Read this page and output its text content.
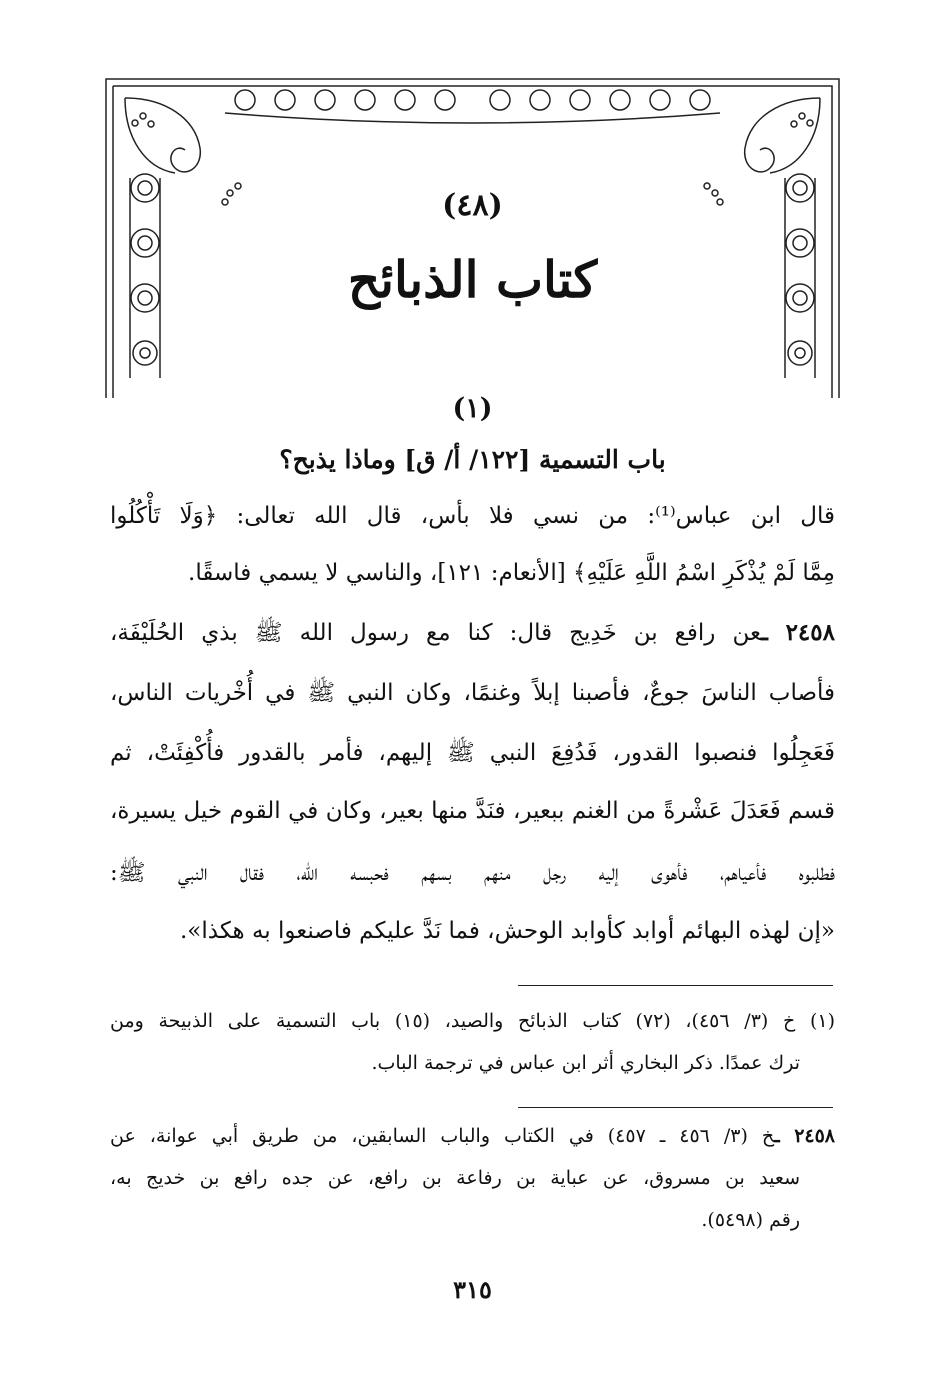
(٤٨)
كتاب الذبائح
(١)
باب التسمية [١٢٢/ أ/ ق] وماذا يذبح؟
قال ابن عباس⁽¹⁾: من نسي فلا بأس، قال الله تعالى: ﴿وَلَا تَأْكُلُوا
مِمَّا لَمْ يُذْكَرِ اسْمُ اللَّهِ عَلَيْهِ﴾ [الأنعام: ١٢١]، والناسي لا يسمي فاسقًا.
٢٤٥٨ ـعن رافع بن خَدِيج قال: كنا مع رسول الله ﷺ بذي الحُلَيْفَة،
فأصاب الناسَ جوعٌ، فأصبنا إبلاً وغنمًا، وكان النبي ﷺ في أُخْريات الناس،
فَعَجِلُوا فنصبوا القدور، فَدُفِعَ النبي ﷺ إليهم، فأمر بالقدور فأُكْفِئَتْ، ثم
قسم فَعَدَلَ عَشْرةً من الغنم ببعير، فنَدَّ منها بعير، وكان في القوم خيل يسيرة،
فطلبوه فأعياهم، فأهوى إليه رجل منهم بسهم فحبسه الله، فقال النبي ﷺ:
«إن لهذه البهائم أوابد كأوابد الوحش، فما نَدَّ عليكم فاصنعوا به هكذا».
(١) خ (٣/ ٤٥٦)، (٧٢) كتاب الذبائح والصيد، (١٥) باب التسمية على الذبيحة ومن
ترك عمدًا. ذكر البخاري أثر ابن عباس في ترجمة الباب.
٢٤٥٨ ـخ (٣/ ٤٥٦ ـ ٤٥٧) في الكتاب والباب السابقين، من طريق أبي عوانة، عن
سعيد بن مسروق، عن عباية بن رفاعة بن رافع، عن جده رافع بن خديج به،
رقم (٥٤٩٨).
٣١٥
